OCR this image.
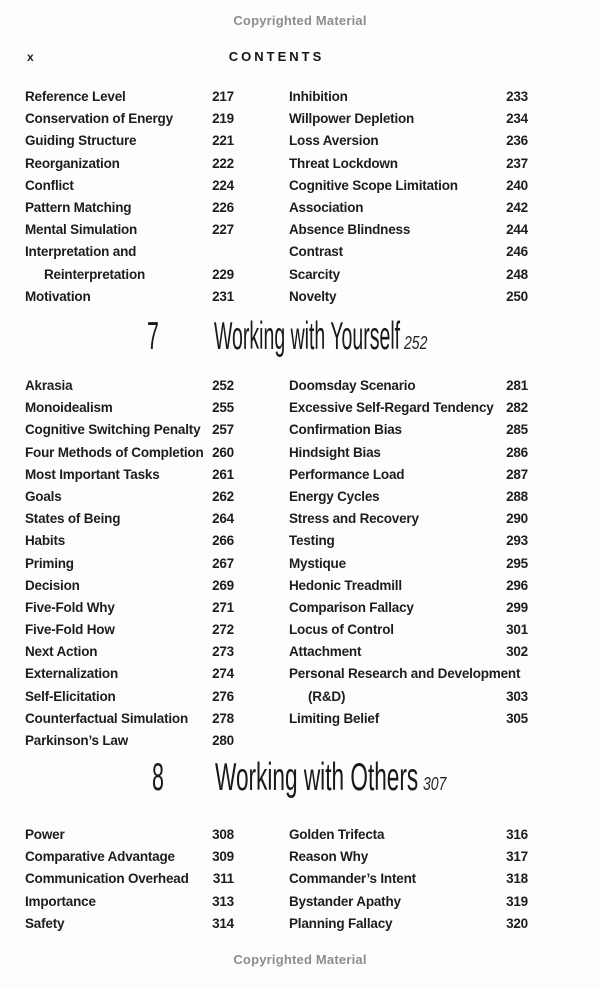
Copyrighted Material
x	CONTENTS
Reference Level	217
Conservation of Energy	219
Guiding Structure	221
Reorganization	222
Conflict	224
Pattern Matching	226
Mental Simulation	227
Interpretation and
Reinterpretation	229
Motivation	231
Inhibition	233
Willpower Depletion	234
Loss Aversion	236
Threat Lockdown	237
Cognitive Scope Limitation	240
Association	242
Absence Blindness	244
Contrast	246
Scarcity	248
Novelty	250
7 Working with Yourself 252
Akrasia	252
Monoidealism	255
Cognitive Switching Penalty 257
Four Methods of Completion 260
Most Important Tasks	261
Goals	262
States of Being	264
Habits	266
Priming	267
Decision	269
Five-Fold Why	271
Five-Fold How	272
Next Action	273
Externalization	274
Self-Elicitation	276
Counterfactual Simulation 278
Parkinson’s Law	280
Doomsday Scenario	281
Excessive Self-Regard Tendency 282
Confirmation Bias	285
Hindsight Bias	286
Performance Load	287
Energy Cycles	288
Stress and Recovery	290
Testing	293
Mystique	295
Hedonic Treadmill	296
Comparison Fallacy	299
Locus of Control	301
Attachment	302
Personal Research and Development
(R&D)	303
Limiting Belief	305
8 Working with Others 307
Power	308
Comparative Advantage	309
Communication Overhead 311
Importance	313
Safety	314
Golden Trifecta	316
Reason Why	317
Commander’s Intent	318
Bystander Apathy	319
Planning Fallacy	320
Copyrighted Material
